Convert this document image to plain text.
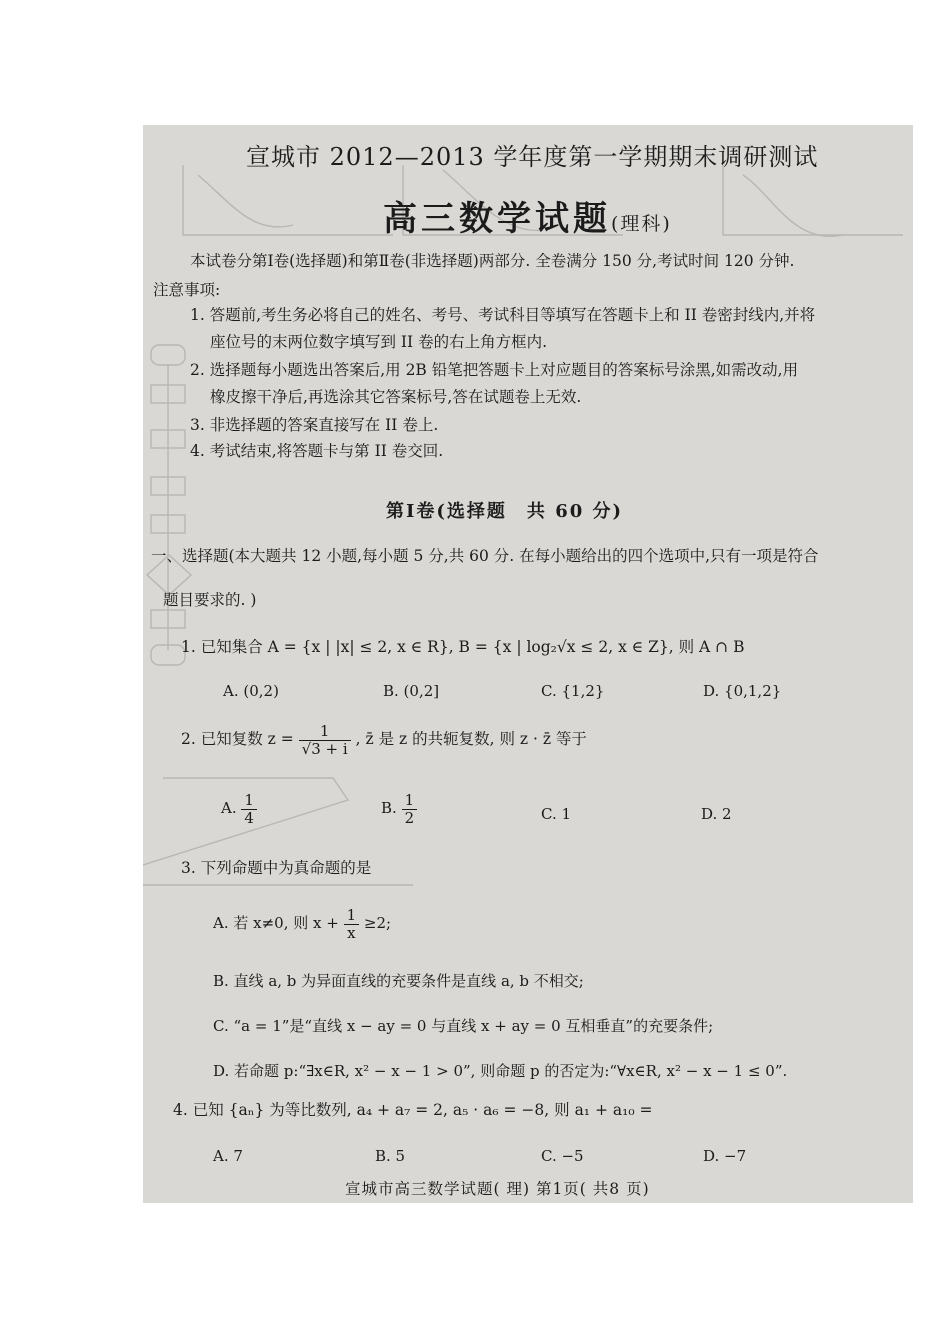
宣城市 2012—2013 学年度第一学期期末调研测试
高三数学试题(理科)
本试卷分第Ⅰ卷(选择题)和第Ⅱ卷(非选择题)两部分. 全卷满分 150 分,考试时间 120 分钟.
注意事项:
1. 答题前,考生务必将自己的姓名、考号、考试科目等填写在答题卡上和 II 卷密封线内,并将
座位号的末两位数字填写到 II 卷的右上角方框内.
2. 选择题每小题选出答案后,用 2B 铅笔把答题卡上对应题目的答案标号涂黑,如需改动,用
橡皮擦干净后,再选涂其它答案标号,答在试题卷上无效.
3. 非选择题的答案直接写在 II 卷上.
4. 考试结束,将答题卡与第 II 卷交回.
第Ⅰ卷(选择题　共 60 分)
一、选择题(本大题共 12 小题,每小题 5 分,共 60 分. 在每小题给出的四个选项中,只有一项是符合
题目要求的. )
1. 已知集合 A = {x | |x| ≤ 2, x ∈ R}, B = {x | log₂√x ≤ 2, x ∈ Z}, 则 A ∩ B
A. (0,2)	B. (0,2]	C. {1,2}	D. {0,1,2}
2. 已知复数 $z = \frac{1}{√3 + i}$ , z̄ 是 z 的共轭复数, 则 z · z̄ 等于
A. $\frac{1}{4}$	B. $\frac{1}{2}$	C. 1	D. 2
3. 下列命题中为真命题的是
A. 若 x≠0, 则 $x + \frac{1}{x} \ge 2$;
B. 直线 a, b 为异面直线的充要条件是直线 a, b 不相交;
C. “a = 1”是“直线 x − ay = 0 与直线 x + ay = 0 互相垂直”的充要条件;
D. 若命题 p:“∃x∈R, x² − x − 1 > 0”, 则命题 p 的否定为:“∀x∈R, x² − x − 1 ≤ 0”.
4. 已知 {aₙ} 为等比数列, a₄ + a₇ = 2, a₅ · a₆ = −8, 则 a₁ + a₁₀ =
A. 7	B. 5	C. −5	D. −7
宣城市高三数学试题( 理) 第1页( 共8 页)
